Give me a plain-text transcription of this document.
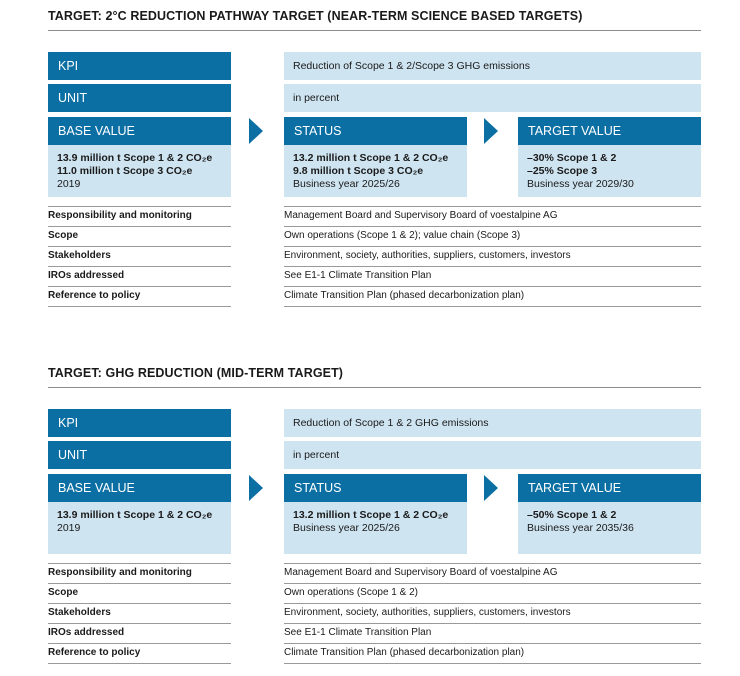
TARGET: 2°C REDUCTION PATHWAY TARGET (NEAR-TERM SCIENCE BASED TARGETS)
KPI	Reduction of Scope 1 & 2/Scope 3 GHG emissions
UNIT	in percent
BASE VALUE
13.9 million t Scope 1 & 2 CO₂e
11.0 million t Scope 3 CO₂e
2019
STATUS
13.2 million t Scope 1 & 2 CO₂e
9.8 million t Scope 3 CO₂e
Business year 2025/26
TARGET VALUE
–30% Scope 1 & 2
–25% Scope 3
Business year 2029/30
Responsibility and monitoring	Management Board and Supervisory Board of voestalpine AG
Scope	Own operations (Scope 1 & 2); value chain (Scope 3)
Stakeholders	Environment, society, authorities, suppliers, customers, investors
IROs addressed	See E1-1 Climate Transition Plan
Reference to policy	Climate Transition Plan (phased decarbonization plan)
TARGET: GHG REDUCTION (MID-TERM TARGET)
KPI	Reduction of Scope 1 & 2 GHG emissions
UNIT	in percent
BASE VALUE
13.9 million t Scope 1 & 2 CO₂e
2019
STATUS
13.2 million t Scope 1 & 2 CO₂e
Business year 2025/26
TARGET VALUE
–50% Scope 1 & 2
Business year 2035/36
Responsibility and monitoring	Management Board and Supervisory Board of voestalpine AG
Scope	Own operations (Scope 1 & 2)
Stakeholders	Environment, society, authorities, suppliers, customers, investors
IROs addressed	See E1-1 Climate Transition Plan
Reference to policy	Climate Transition Plan (phased decarbonization plan)
